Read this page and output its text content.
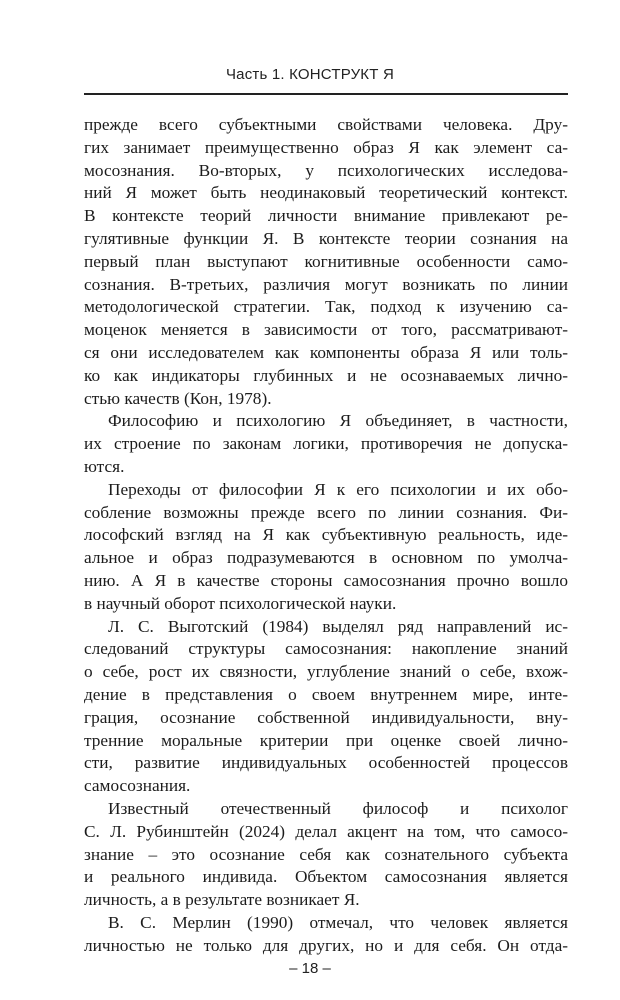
Часть 1. КОНСТРУКТ Я
прежде всего субъектными свойствами человека. Дру-
гих занимает преимущественно образ Я как элемент са-
мосознания. Во-вторых, у психологических исследова-
ний Я может быть неодинаковый теоретический контекст.
В контексте теорий личности внимание привлекают ре-
гулятивные функции Я. В контексте теории сознания на
первый план выступают когнитивные особенности само-
сознания. В-третьих, различия могут возникать по линии
методологической стратегии. Так, подход к изучению са-
моценок меняется в зависимости от того, рассматривают-
ся они исследователем как компоненты образа Я или толь-
ко как индикаторы глубинных и не осознаваемых лично-
стью качеств (Кон, 1978).
Философию и психологию Я объединяет, в частности,
их строение по законам логики, противоречия не допуска-
ются.
Переходы от философии Я к его психологии и их обо-
собление возможны прежде всего по линии сознания. Фи-
лософский взгляд на Я как субъективную реальность, иде-
альное и образ подразумеваются в основном по умолча-
нию. А Я в качестве стороны самосознания прочно вошло
в научный оборот психологической науки.
Л. С. Выготский (1984) выделял ряд направлений ис-
следований структуры самосознания: накопление знаний
о себе, рост их связности, углубление знаний о себе, вхож-
дение в представления о своем внутреннем мире, инте-
грация, осознание собственной индивидуальности, вну-
тренние моральные критерии при оценке своей лично-
сти, развитие индивидуальных особенностей процессов
самосознания.
Известный отечественный философ и психолог
С. Л. Рубинштейн (2024) делал акцент на том, что самосо-
знание – это осознание себя как сознательного субъекта
и реального индивида. Объектом самосознания является
личность, а в результате возникает Я.
В. С. Мерлин (1990) отмечал, что человек является
личностью не только для других, но и для себя. Он отда-
– 18 –
